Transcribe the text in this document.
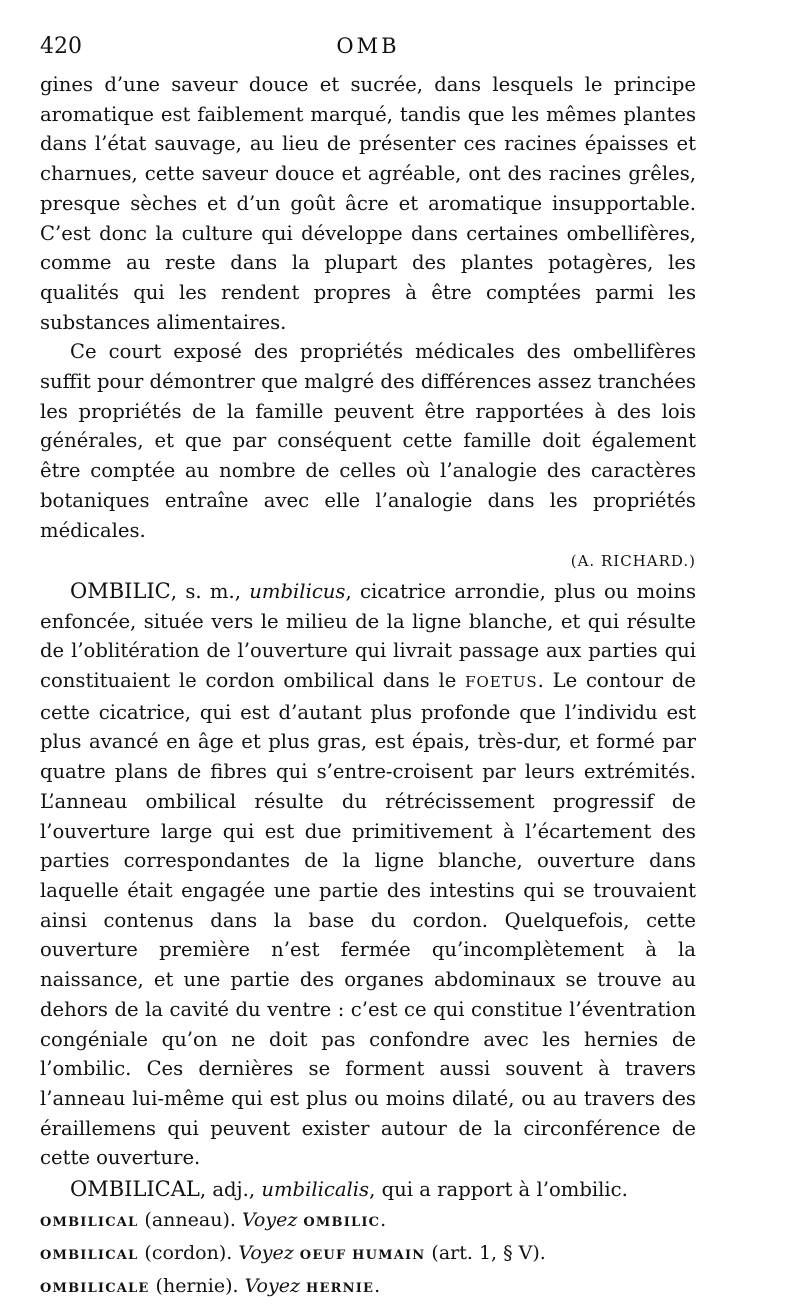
420	OMB

gines d’une saveur douce et sucrée, dans lesquels le principe aromatique est faiblement marqué, tandis que les mêmes plantes dans l’état sauvage, au lieu de présenter ces racines épaisses et charnues, cette saveur douce et agréable, ont des racines grêles, presque sèches et d’un goût âcre et aromatique insupportable. C’est donc la culture qui développe dans certaines ombellifères, comme au reste dans la plupart des plantes potagères, les qualités qui les rendent propres à être comptées parmi les substances alimentaires.

Ce court exposé des propriétés médicales des ombellifères suffit pour démontrer que malgré des différences assez tranchées les propriétés de la famille peuvent être rapportées à des lois générales, et que par conséquent cette famille doit également être comptée au nombre de celles où l’analogie des caractères botaniques entraîne avec elle l’analogie dans les propriétés médicales.

(A. RICHARD.)

OMBILIC, s. m., umbilicus, cicatrice arrondie, plus ou moins enfoncée, située vers le milieu de la ligne blanche, et qui résulte de l’oblitération de l’ouverture qui livrait passage aux parties qui constituaient le cordon ombilical dans le FOETUS. Le contour de cette cicatrice, qui est d’autant plus profonde que l’individu est plus avancé en âge et plus gras, est épais, très-dur, et formé par quatre plans de fibres qui s’entre-croisent par leurs extrémités. L’anneau ombilical résulte du rétrécissement progressif de l’ouverture large qui est due primitivement à l’écartement des parties correspondantes de la ligne blanche, ouverture dans laquelle était engagée une partie des intestins qui se trouvaient ainsi contenus dans la base du cordon. Quelquefois, cette ouverture première n’est fermée qu’incomplètement à la naissance, et une partie des organes abdominaux se trouve au dehors de la cavité du ventre : c’est ce qui constitue l’éventration congéniale qu’on ne doit pas confondre avec les hernies de l’ombilic. Ces dernières se forment aussi souvent à travers l’anneau lui-même qui est plus ou moins dilaté, ou au travers des éraillemens qui peuvent exister autour de la circonférence de cette ouverture.

OMBILICAL, adj., umbilicalis, qui a rapport à l’ombilic.

OMBILICAL (anneau). Voyez OMBILIC.
OMBILICAL (cordon). Voyez OEUF HUMAIN (art. 1, § V).
OMBILICALE (hernie). Voyez HERNIE.
